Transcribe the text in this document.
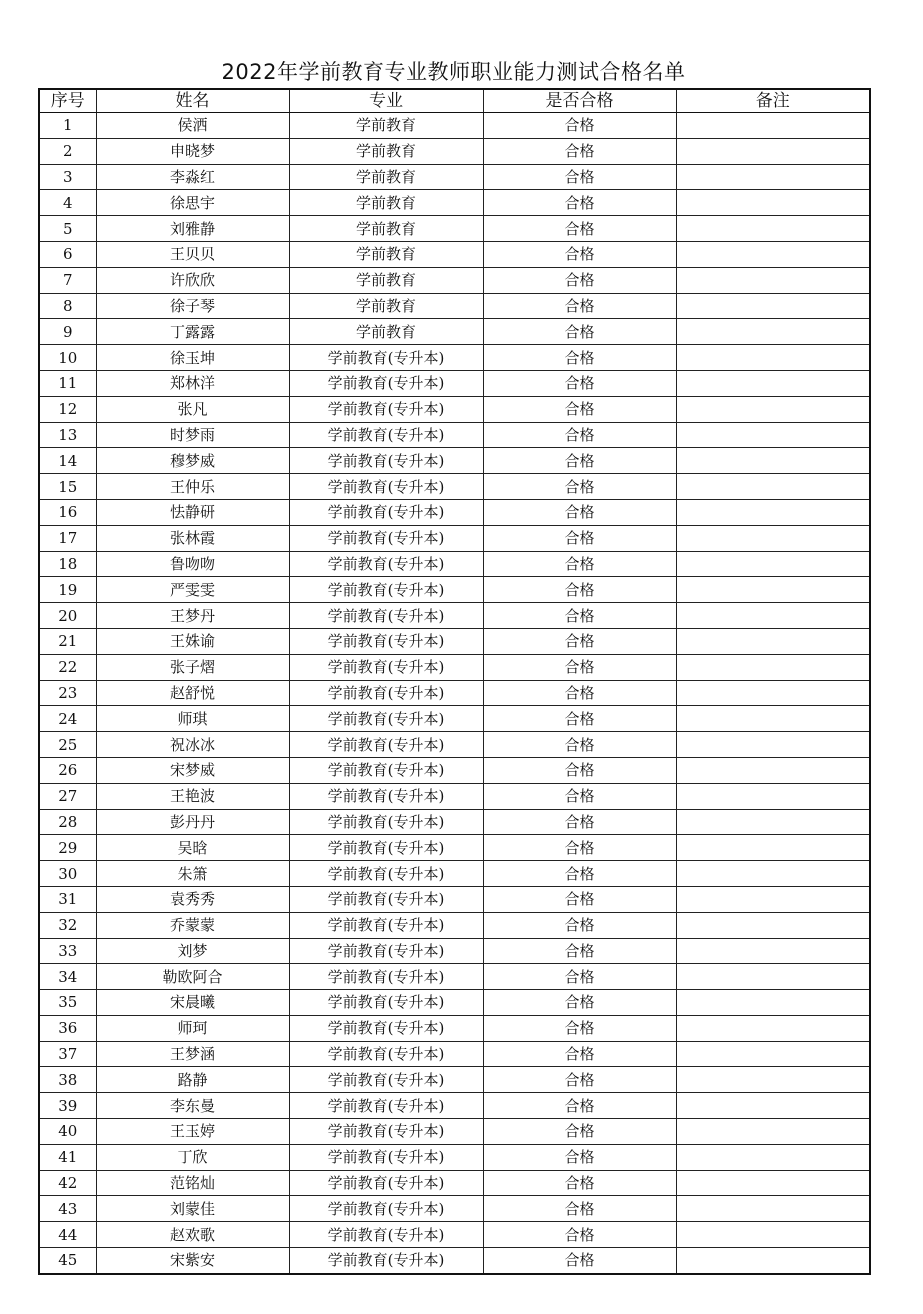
2022年学前教育专业教师职业能力测试合格名单
序号	姓名	专业	是否合格	备注
1	侯洒	学前教育	合格	
2	申晓梦	学前教育	合格	
3	李淼红	学前教育	合格	
4	徐思宇	学前教育	合格	
5	刘雅静	学前教育	合格	
6	王贝贝	学前教育	合格	
7	许欣欣	学前教育	合格	
8	徐子琴	学前教育	合格	
9	丁露露	学前教育	合格	
10	徐玉坤	学前教育(专升本)	合格	
11	郑林洋	学前教育(专升本)	合格	
12	张凡	学前教育(专升本)	合格	
13	时梦雨	学前教育(专升本)	合格	
14	穆梦威	学前教育(专升本)	合格	
15	王仲乐	学前教育(专升本)	合格	
16	怯静研	学前教育(专升本)	合格	
17	张林霞	学前教育(专升本)	合格	
18	鲁吻吻	学前教育(专升本)	合格	
19	严雯雯	学前教育(专升本)	合格	
20	王梦丹	学前教育(专升本)	合格	
21	王姝谕	学前教育(专升本)	合格	
22	张子熠	学前教育(专升本)	合格	
23	赵舒悦	学前教育(专升本)	合格	
24	师琪	学前教育(专升本)	合格	
25	祝冰冰	学前教育(专升本)	合格	
26	宋梦威	学前教育(专升本)	合格	
27	王艳波	学前教育(专升本)	合格	
28	彭丹丹	学前教育(专升本)	合格	
29	吴晗	学前教育(专升本)	合格	
30	朱箫	学前教育(专升本)	合格	
31	袁秀秀	学前教育(专升本)	合格	
32	乔蒙蒙	学前教育(专升本)	合格	
33	刘梦	学前教育(专升本)	合格	
34	勒欧阿合	学前教育(专升本)	合格	
35	宋晨曦	学前教育(专升本)	合格	
36	师珂	学前教育(专升本)	合格	
37	王梦涵	学前教育(专升本)	合格	
38	路静	学前教育(专升本)	合格	
39	李东曼	学前教育(专升本)	合格	
40	王玉婷	学前教育(专升本)	合格	
41	丁欣	学前教育(专升本)	合格	
42	范铭灿	学前教育(专升本)	合格	
43	刘蒙佳	学前教育(专升本)	合格	
44	赵欢歌	学前教育(专升本)	合格	
45	宋紫安	学前教育(专升本)	合格	
